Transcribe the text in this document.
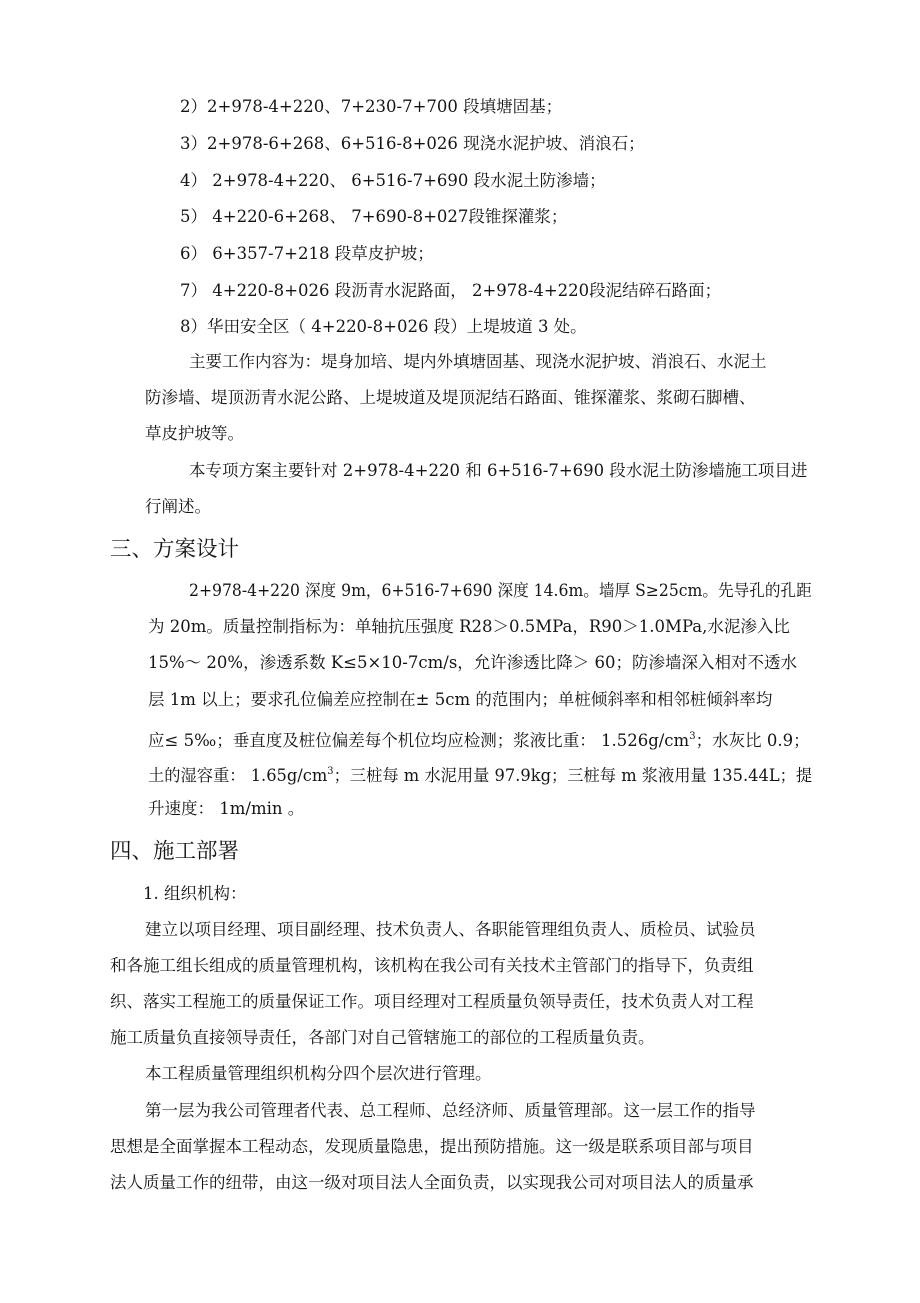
2）2+978-4+220、7+230-7+700 段填塘固基；
3）2+978-6+268、6+516-8+026 现浇水泥护坡、消浪石；
4） 2+978-4+220、 6+516-7+690 段水泥土防渗墙；
5） 4+220-6+268、 7+690-8+027段锥探灌浆；
6） 6+357-7+218 段草皮护坡；
7） 4+220-8+026 段沥青水泥路面， 2+978-4+220段泥结碎石路面；
8）华田安全区（ 4+220-8+026 段）上堤坡道 3 处。
主要工作内容为：堤身加培、堤内外填塘固基、现浇水泥护坡、消浪石、水泥土
防渗墙、堤顶沥青水泥公路、上堤坡道及堤顶泥结石路面、锥探灌浆、浆砌石脚槽、
草皮护坡等。
本专项方案主要针对 2+978-4+220 和 6+516-7+690 段水泥土防渗墙施工项目进
行阐述。
三、方案设计
2+978-4+220 深度 9m，6+516-7+690 深度 14.6m。墙厚 S≥25cm。先导孔的孔距
为 20m。质量控制指标为：单轴抗压强度 R28＞0.5MPa，R90＞1.0MPa,水泥渗入比
15%～ 20%，渗透系数 K≤5×10-7cm/s，允许渗透比降＞ 60；防渗墙深入相对不透水
层 1m 以上；要求孔位偏差应控制在± 5cm 的范围内；单桩倾斜率和相邻桩倾斜率均
应≤ 5‰；垂直度及桩位偏差每个机位均应检测；浆液比重： $1.526g/cm^3$；水灰比 0.9；
土的湿容重： $1.65g/cm^3$；三桩每 m 水泥用量 97.9kg；三桩每 m 浆液用量 135.44L；提
升速度： 1m/min 。
四、施工部署
1. 组织机构：
建立以项目经理、项目副经理、技术负责人、各职能管理组负责人、质检员、试验员
和各施工组长组成的质量管理机构，该机构在我公司有关技术主管部门的指导下，负责组
织、落实工程施工的质量保证工作。项目经理对工程质量负领导责任，技术负责人对工程
施工质量负直接领导责任，各部门对自己管辖施工的部位的工程质量负责。
本工程质量管理组织机构分四个层次进行管理。
第一层为我公司管理者代表、总工程师、总经济师、质量管理部。这一层工作的指导
思想是全面掌握本工程动态，发现质量隐患，提出预防措施。这一级是联系项目部与项目
法人质量工作的纽带，由这一级对项目法人全面负责，以实现我公司对项目法人的质量承
